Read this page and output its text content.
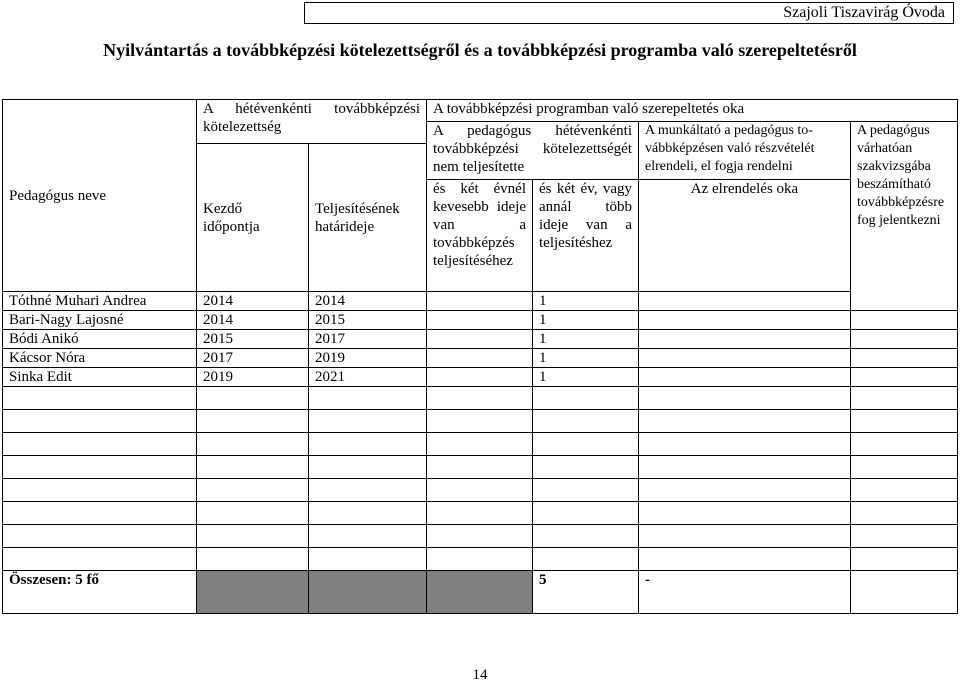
Szajoli Tiszavirág Óvoda
Nyilvántartás a továbbképzési kötelezettségről és a továbbképzési programba való szerepeltetésről
Pedagógus neve	A hétévenkénti továbbképzési kötelezettség		A továbbképzési programban való szerepeltetés oka				
			A pedagógus hétévenkénti továbbképzési kötelezettségét nem teljesítette		A munkáltató a pedagógus to-vábbképzésen való részvételét elrendeli, el fogja rendelni	A pedagógus várhatóan szakvizsgába beszámítható továbbképzésre fog jelentkezni	
	Kezdő időpontja	Teljesítésének határideje					
			és két évnél kevesebb ideje van a továbbképzés teljesítéséhez	és két év, vagy annál több ideje van a teljesítéshez	Az elrendelés oka		
Tóthné Muhari Andrea	2014	2014		1			
Bari-Nagy Lajosné	2014	2015		1			
Bódi Anikó	2015	2017		1			
Kácsor Nóra	2017	2019		1			
Sinka Edit	2019	2021		1			

Összesen: 5 fő				5	-		
14
